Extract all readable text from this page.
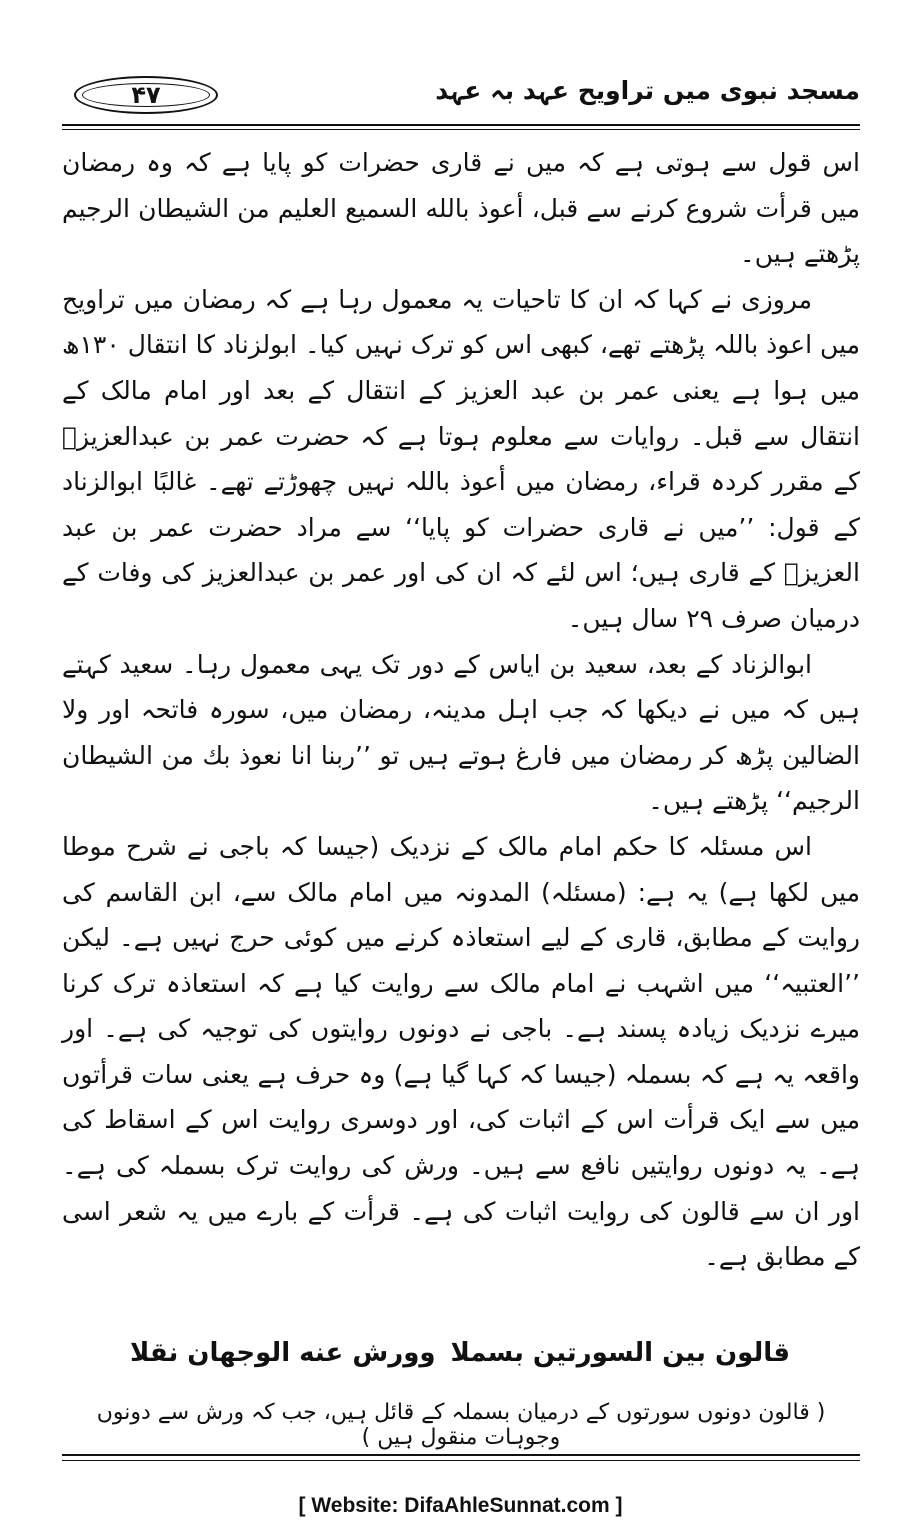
مسجد نبوی میں تراویح عہد بہ عہد
۴۷

اس قول سے ہوتی ہے کہ میں نے قاری حضرات کو پایا ہے کہ وہ رمضان میں قرأت شروع کرنے سے قبل، أعوذ بالله السميع العليم من الشيطان الرجيم پڑھتے ہیں۔

مروزی نے کہا کہ ان کا تاحیات یہ معمول رہا ہے کہ رمضان میں تراویح میں اعوذ باللہ پڑھتے تھے، کبھی اس کو ترک نہیں کیا۔ ابولزناد کا انتقال ۱۳۰ھ میں ہوا ہے یعنی عمر بن عبد العزیز کے انتقال کے بعد اور امام مالک کے انتقال سے قبل۔ روایات سے معلوم ہوتا ہے کہ حضرت عمر بن عبدالعزیزؒ کے مقرر کردہ قراء، رمضان میں أعوذ باللہ نہیں چھوڑتے تھے۔ غالبًا ابوالزناد کے قول: ’’میں نے قاری حضرات کو پایا‘‘ سے مراد حضرت عمر بن عبد العزیزؒ کے قاری ہیں؛ اس لئے کہ ان کی اور عمر بن عبدالعزیز کی وفات کے درمیان صرف ۲۹ سال ہیں۔

ابوالزناد کے بعد، سعید بن ایاس کے دور تک یہی معمول رہا۔ سعید کہتے ہیں کہ میں نے دیکھا کہ جب اہل مدینہ، رمضان میں، سورہ فاتحہ اور ولا الضالین پڑھ کر رمضان میں فارغ ہوتے ہیں تو ’’ربنا انا نعوذ بك من الشيطان الرجيم‘‘ پڑھتے ہیں۔

اس مسئلہ کا حکم امام مالک کے نزدیک (جیسا کہ باجی نے شرح موطا میں لکھا ہے) یہ ہے: (مسئلہ) المدونہ میں امام مالک سے، ابن القاسم کی روایت کے مطابق، قاری کے لیے استعاذہ کرنے میں کوئی حرج نہیں ہے۔ لیکن ’’العتبیہ‘‘ میں اشہب نے امام مالک سے روایت کیا ہے کہ استعاذہ ترک کرنا میرے نزدیک زیادہ پسند ہے۔ باجی نے دونوں روایتوں کی توجیہ کی ہے۔ اور واقعہ یہ ہے کہ بسملہ (جیسا کہ کہا گیا ہے) وہ حرف ہے یعنی سات قرأتوں میں سے ایک قرأت اس کے اثبات کی، اور دوسری روایت اس کے اسقاط کی ہے۔ یہ دونوں روایتیں نافع سے ہیں۔ ورش کی روایت ترک بسملہ کی ہے۔ اور ان سے قالون کی روایت اثبات کی ہے۔ قرأت کے بارے میں یہ شعر اسی کے مطابق ہے۔

قالون بين السورتين بسملا
وورش عنه الوجهان نقلا
( قالون دونوں سورتوں کے درمیان بسملہ کے قائل ہیں، جب کہ ورش سے دونوں وجوہات منقول ہیں )
[ Website: DifaAhleSunnat.com ]
